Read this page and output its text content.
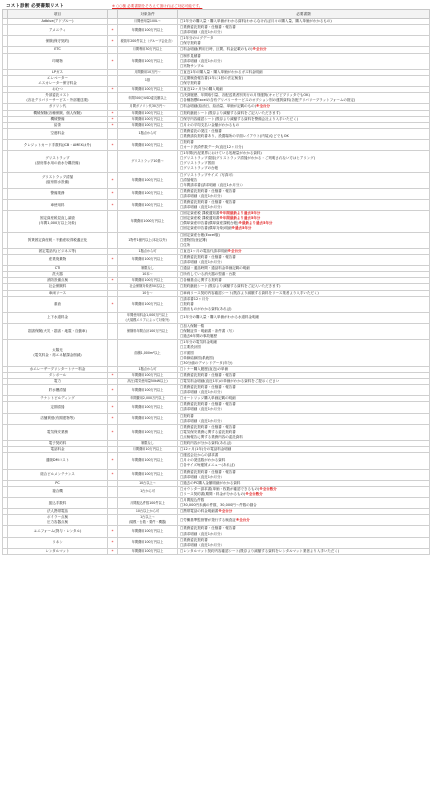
コスト診断 必要書類リスト	※ ○○様 必要書類をそろえて頂ければご対応可能です。
	項目		対象条件	必要書類

	Adblue(アドブルー)		月間使用量100L～	□1年分の購入量・購入単価がわかる資料(わからなければ月々の購入量、購入単価がわかるもの)

	アメニティ	*	年間費用100万円以上	□業務委託契約書・仕様書・報告書
□請求明細（直近1か月分）

	保険(保守契約)	*	税抜年200件以上（グループ会社含）	□1年分のログデータ
□保守契約書

	ETC		月間利用30万円以上	□料金明細(利用日時、区間、料金記載のもの)※全台分

	印刷物	*	年間費用100万円以上	□制作見積書
□請求明細（直近1か月分）
□実物サンプル

	LPガス		月間費用10万円～	□直近1年の購入量・購入単価がわかるガス料金明細

	エレベーター
エスカレーター保守料金		1基	□定期検査報告書(1年に1回の法定検査)
□保守契約書

	おむつ	*	年間費用100万円以上	□直近12ヶ月分の購入明細

	外部委託コスト
(各社デリバリーサービス・外部運送業)		年間300万USD委託額以上	□決済履歴、年間取引量、各配送業者別実行の月別運賃(キャピピプリッタでもOK)
□各種指標Excelの含有デリバリーサービスのオプション別の運賃資料(各配デリバリープラットフォームの指定)

	ガソリン代		月間ガソリン代30万円～	□料金明細(給油日、給油量、単価が記載のもの)※全台分

	機械保険(各種保険、個人保険)	*	年間費用100万円以上	□契約継続シート(既存より減額する資料をご記入いただきます)

	機械警備	*	年間費用100万円以上	□保守内容確認シート(既存より減額する資料を警備会社より入手いただく)

	給茶	*	年間費用100万円以上	□月々の平均支払い金額がわかるもの

	空港料金		1拠点から可	□業務委託の発注・仕様書
□業務請負契約書あり、設置場所の平面レイアウト(内装)などでもOK

	クレジットカード手数料(JCB・AMEXは外)	*	年間費用100万円以上	□契約書
□カード決済件数データ(直近12ヶ月分)

	グリストラップ
(厨房排水用の油水分離設備)		グリストラップ10基～	□1年間(汚泥業界におけている処理量がわかる資料)
□グリストラップ清掃(グリストラップ清掃がわかる・ご判明されない方はヒアリング)
□グリストラップ図面
□グリストラップの台帳

	グリストラップ清掃
(厨房排水設備)	*	年間費用100万円以上	□グリストラップサイズ（写真可）
□清掃報告
□年間請求書(請求明細（直近1か月分））

	警備業務	*	年間費用100万円以上	□業務委託契約書・仕様書・報告書
□請求明細（直近1か月分）

	車使用料	*	年間費用100万円以上	□業務委託契約書・仕様書・報告書
□請求明細（直近1か月分）

	固定資産税見直し調査
(年間1,000万以上対象)		年間費用1000万円以上	□固定資産税 課税通知書※年間最新より過去5年分
□固定資産税 課税通知書※年間最新より過去5年分
□償却資産申告書(償却資産課税台帳)※最新より過去5年分
□固定資産申告書(償却対象)明細※過去5年分

	賃貸固定資産税・不動産取得税適正化		1物件1億円以上(本社以外)	□固定資産台帳(Excel版)
□建物図(登記簿)
□住所

	固定電話代(ビジネス等)		1拠点から可	□直近1ヶ月の電話代請求明細※全台分

	産業廃棄物	*	年間費用100万円以上	□業務委託契約書・仕様書・報告書
□請求明細（直近1か月分）

	CTI		制限なし	□通話・通話時間・通話料金単価記載の明細

	洗火器		10本～	□所有している消火器の型番・台数

	消防設備点検	*	年間費用100万円以上	□各種基点に関する契約書

	社会保険料		社会保険対象者50名以上	□契約継続シート(既存より減額する資料をご記入いただきます)

	車両リース		10台～	□車両リース契約内容確認シート(既存より減額する資料をリース業者より入手いただく)

	重油	*	年間費用100万円以上	□請求書12ヶ月分
□契約書
□抽出ものがわかる資料(あれば)

	上下水道料金		年間使用料金1,000万円以上
(大規模エリアによって対象外)	□1年分の購入量・購入単価がわかる水道料金明細

	損害保険(火災・損害・地震・自動車)		保険料年間合計100万円以上	□加入保険一覧
□保険証券・明細書・条件書（写）
□過去6年間の事故履歴

	太陽光
(電気料金・再エネ賦課金削減)		面積1,000m²以上	□1年分の電気料金明細
□主要設計図
□平面図
□単線結線図(系統図)
□30分値のデマンドデータ(年分)

	水エレーザープリンタートナー料金		1拠点から可	□トナー購入履歴(直近)の単価

	ダンボール	*	年間費用100万円以上	□業務委託契約書・仕様書・報告書

	電力		高圧(電気使用量50kW以上)	□電気料金明細(直近1年)の単価がわかる資料をご提示ください

	貯水槽清掃	*	年間費用100万円以上	□業務委託契約書・仕様書・報告書
□請求明細（直近1か月分）

	テナントビルディング		年間費用2,000万円以上	□カートリッジ購入単価記載の明細

	定期清掃	*	年間費用100万円以上	□業務委託契約書・仕様書・報告書
□請求明細（直近1か月分）

	店舗賃借(有期建物等)	*	年間費用100万円以上	□契約書
□請求明細（直近1か月分）

	電気保安業務	*	年間費用100万円以上	□業務委託契約書・仕様書・報告書
□電気保安業務に関する委託契約書
□点検報告に関する業務内容の委託資料

	電子契約料		制限なし	□契約内容が分かる資料(あれば)

	電話料金		月間費用10万円以上	□12ヶ月(1年)分の電話料金明細

	通販DMコスト	*	年間費用100万円以上	□運送会社からの請求書
□月々の発送数がわかる資料
□各サイズ毎運賃メニュー(あれば)

	総合ビルメンテナンス	*	年間費用100万円以上	□業務委託契約書・仕様書・報告書
□請求明細（直近1か月分）

	PC		10台以上～	□過去のPC購入金額明細がわかる資料

	複合機		1台から可	□カウンター請求書(単価・枚数が確認できるもの)※全台数分
□リース契約書(期間・料金が分かるもの)※全台数分

	振込手数料		月間振込件数100件以上	□月間振込件数
□30,000円未満の件数、30,000円～件数の割合

	法人携帯電話		10台以上から可	□携帯電話の料金明細書※全台分

	ボイラー点検
圧力容器点検		1台以上～
(規模・台数・要件・機器)	□労働基準監督署が発行する検査証※全台分

	ユニフォーム(貸与・レンタル)	*	年間費用100万円以上	□業務委託契約書・仕様書・報告書
□請求明細（直近1か月分）

	リネン	*	年間費用100万円以上	□業務委託契約書
□請求明細（直近1か月分）

	レンタルマット	*	年間費用100万円以上	□レンタルマット契約内容確認シート(既存より減額する資料をレンタルマット業者より入手いただく)
